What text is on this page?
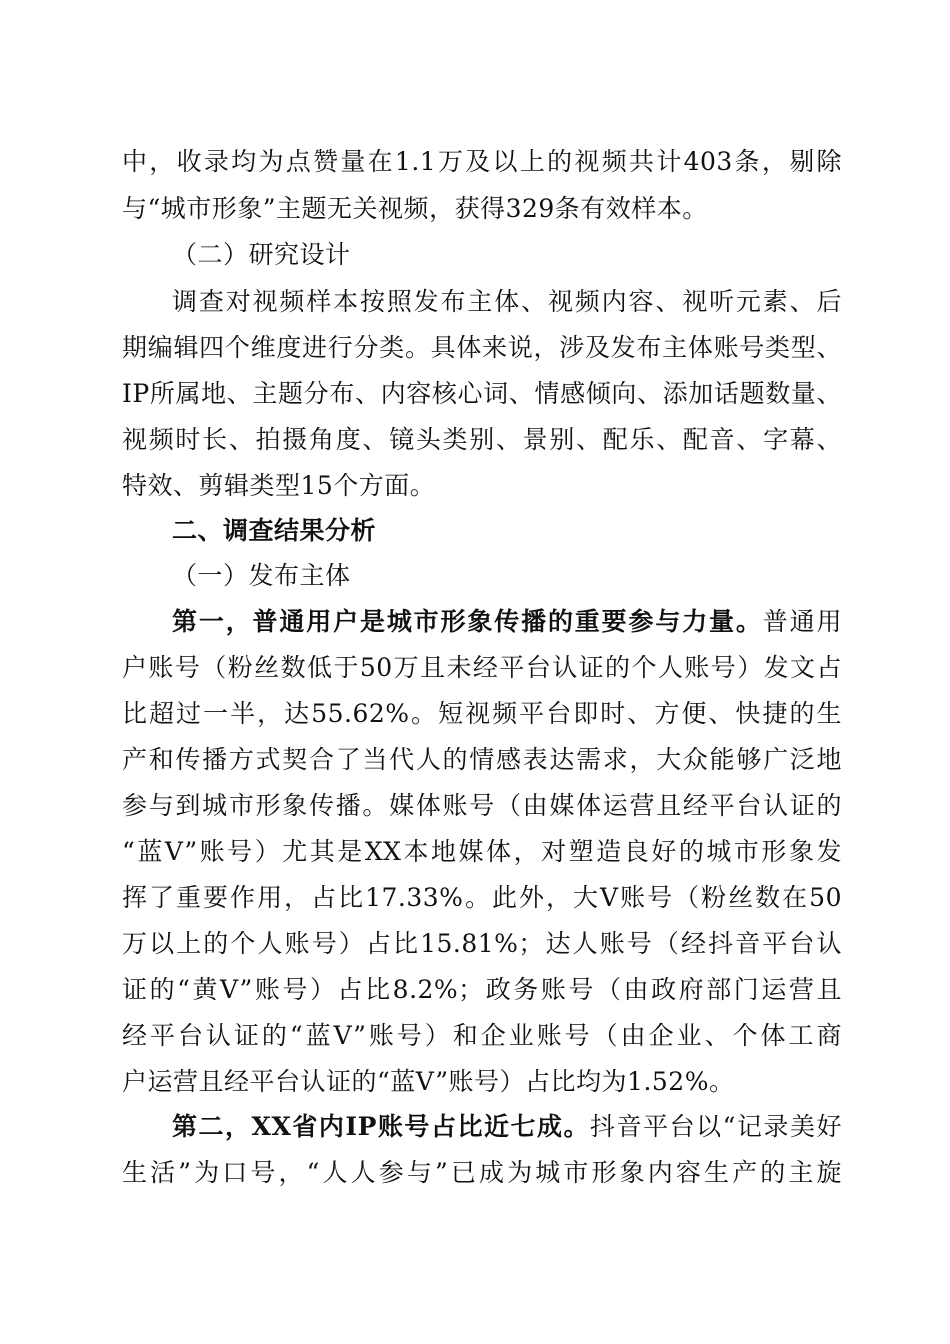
中，收录均为点赞量在1.1万及以上的视频共计403条，剔除
与“城市形象”主题无关视频，获得329条有效样本。
（二）研究设计
调查对视频样本按照发布主体、视频内容、视听元素、后
期编辑四个维度进行分类。具体来说，涉及发布主体账号类型、
IP所属地、主题分布、内容核心词、情感倾向、添加话题数量、
视频时长、拍摄角度、镜头类别、景别、配乐、配音、字幕、
特效、剪辑类型15个方面。
二、调查结果分析
（一）发布主体
第一，普通用户是城市形象传播的重要参与力量。普通用
户账号（粉丝数低于50万且未经平台认证的个人账号）发文占
比超过一半，达55.62%。短视频平台即时、方便、快捷的生
产和传播方式契合了当代人的情感表达需求，大众能够广泛地
参与到城市形象传播。媒体账号（由媒体运营且经平台认证的
“蓝V”账号）尤其是XX本地媒体，对塑造良好的城市形象发
挥了重要作用，占比17.33%。此外，大V账号（粉丝数在50
万以上的个人账号）占比15.81%；达人账号（经抖音平台认
证的“黄V”账号）占比8.2%；政务账号（由政府部门运营且
经平台认证的“蓝V”账号）和企业账号（由企业、个体工商
户运营且经平台认证的“蓝V”账号）占比均为1.52%。
第二，XX省内IP账号占比近七成。抖音平台以“记录美好
生活”为口号，“人人参与”已成为城市形象内容生产的主旋
